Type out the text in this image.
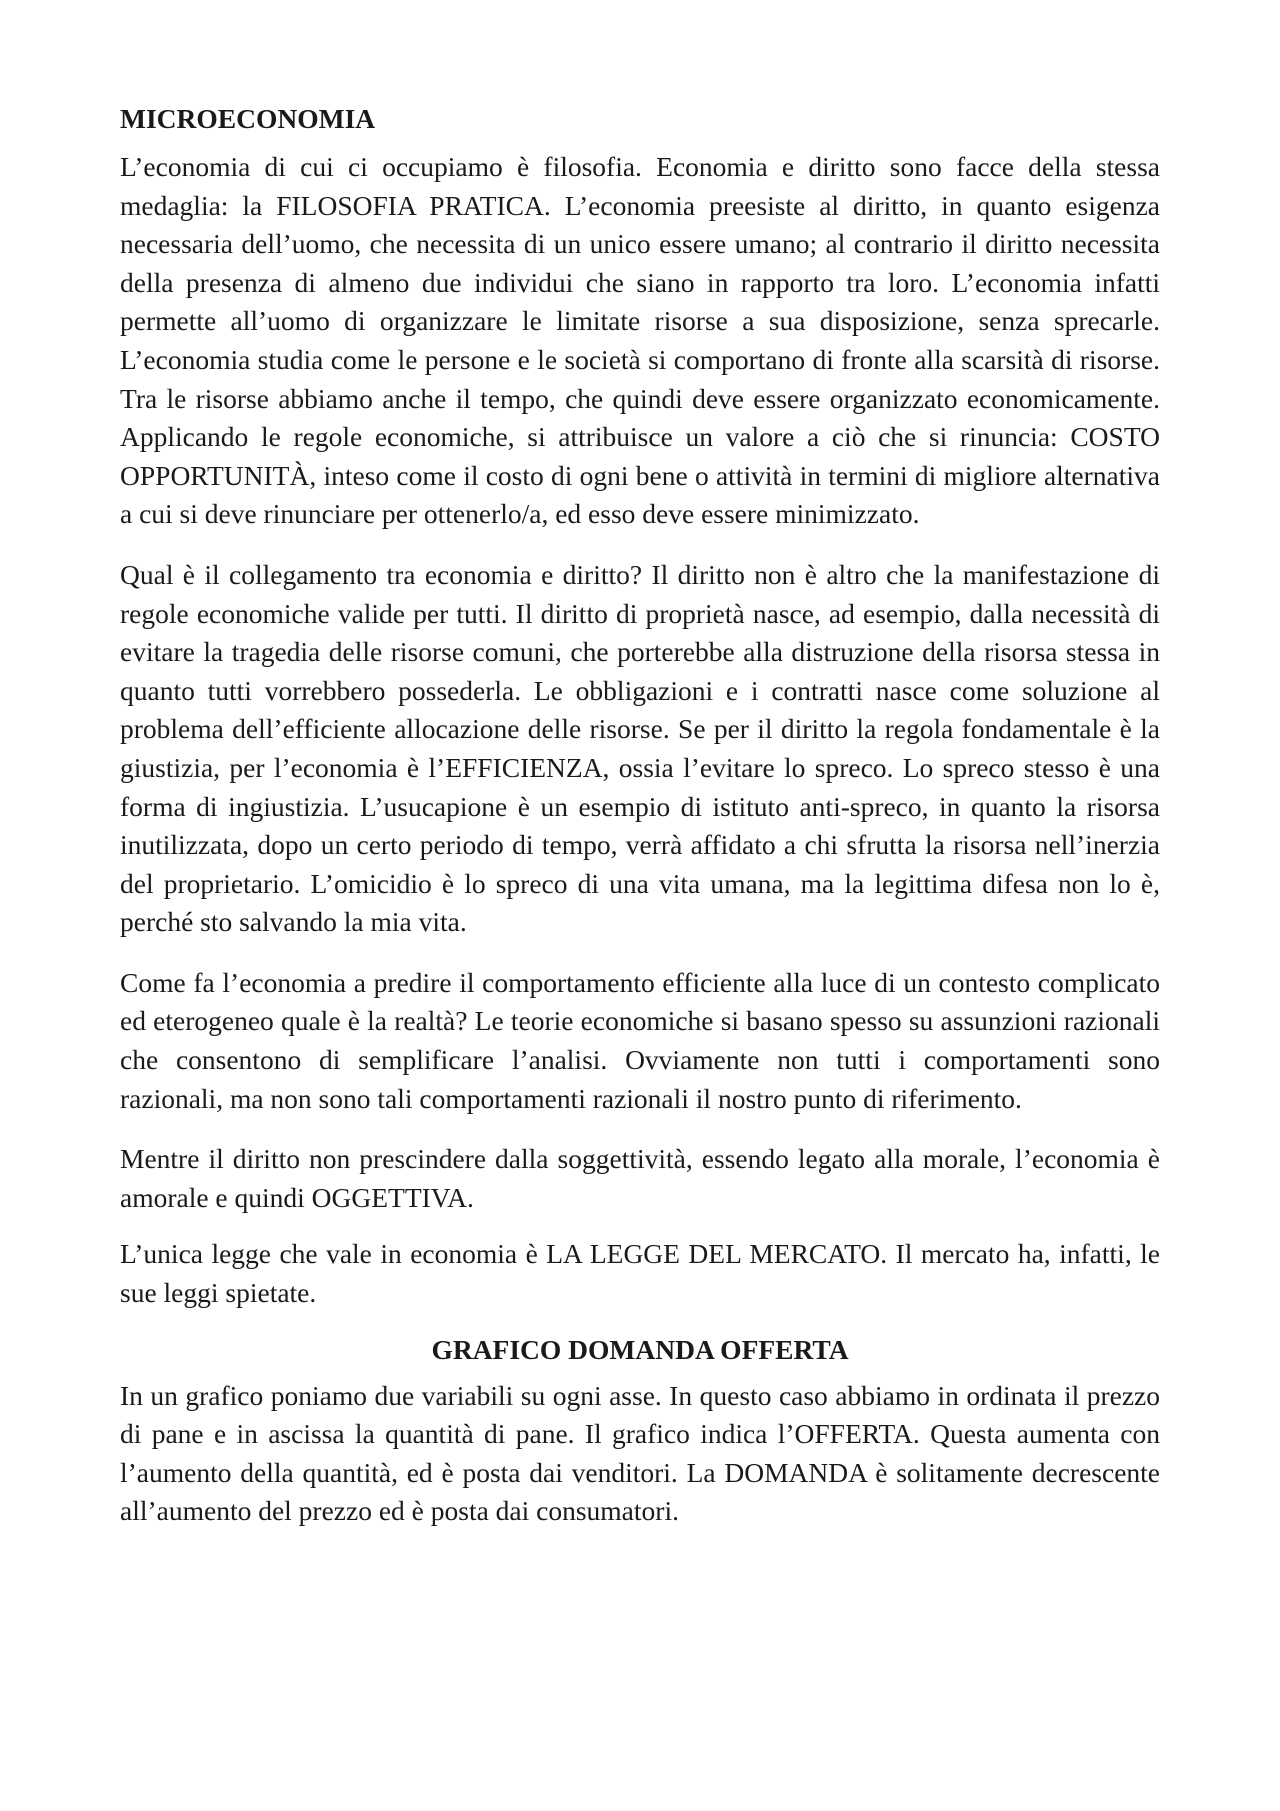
MICROECONOMIA

L’economia di cui ci occupiamo è filosofia. Economia e diritto sono facce della stessa medaglia: la FILOSOFIA PRATICA. L’economia preesiste al diritto, in quanto esigenza necessaria dell’uomo, che necessita di un unico essere umano; al contrario il diritto necessita della presenza di almeno due individui che siano in rapporto tra loro. L’economia infatti permette all’uomo di organizzare le limitate risorse a sua disposizione, senza sprecarle. L’economia studia come le persone e le società si comportano di fronte alla scarsità di risorse. Tra le risorse abbiamo anche il tempo, che quindi deve essere organizzato economicamente. Applicando le regole economiche, si attribuisce un valore a ciò che si rinuncia: COSTO OPPORTUNITÀ, inteso come il costo di ogni bene o attività in termini di migliore alternativa a cui si deve rinunciare per ottenerlo/a, ed esso deve essere minimizzato.

Qual è il collegamento tra economia e diritto? Il diritto non è altro che la manifestazione di regole economiche valide per tutti. Il diritto di proprietà nasce, ad esempio, dalla necessità di evitare la tragedia delle risorse comuni, che porterebbe alla distruzione della risorsa stessa in quanto tutti vorrebbero possederla. Le obbligazioni e i contratti nasce come soluzione al problema dell’efficiente allocazione delle risorse. Se per il diritto la regola fondamentale è la giustizia, per l’economia è l’EFFICIENZA, ossia l’evitare lo spreco. Lo spreco stesso è una forma di ingiustizia. L’usucapione è un esempio di istituto anti-spreco, in quanto la risorsa inutilizzata, dopo un certo periodo di tempo, verrà affidato a chi sfrutta la risorsa nell’inerzia del proprietario. L’omicidio è lo spreco di una vita umana, ma la legittima difesa non lo è, perché sto salvando la mia vita.

Come fa l’economia a predire il comportamento efficiente alla luce di un contesto complicato ed eterogeneo quale è la realtà? Le teorie economiche si basano spesso su assunzioni razionali che consentono di semplificare l’analisi. Ovviamente non tutti i comportamenti sono razionali, ma non sono tali comportamenti razionali il nostro punto di riferimento.

Mentre il diritto non prescindere dalla soggettività, essendo legato alla morale, l’economia è amorale e quindi OGGETTIVA.

L’unica legge che vale in economia è LA LEGGE DEL MERCATO. Il mercato ha, infatti, le sue leggi spietate.

GRAFICO DOMANDA OFFERTA

In un grafico poniamo due variabili su ogni asse. In questo caso abbiamo in ordinata il prezzo di pane e in ascissa la quantità di pane. Il grafico indica l’OFFERTA. Questa aumenta con l’aumento della quantità, ed è posta dai venditori. La DOMANDA è solitamente decrescente all’aumento del prezzo ed è posta dai consumatori.
